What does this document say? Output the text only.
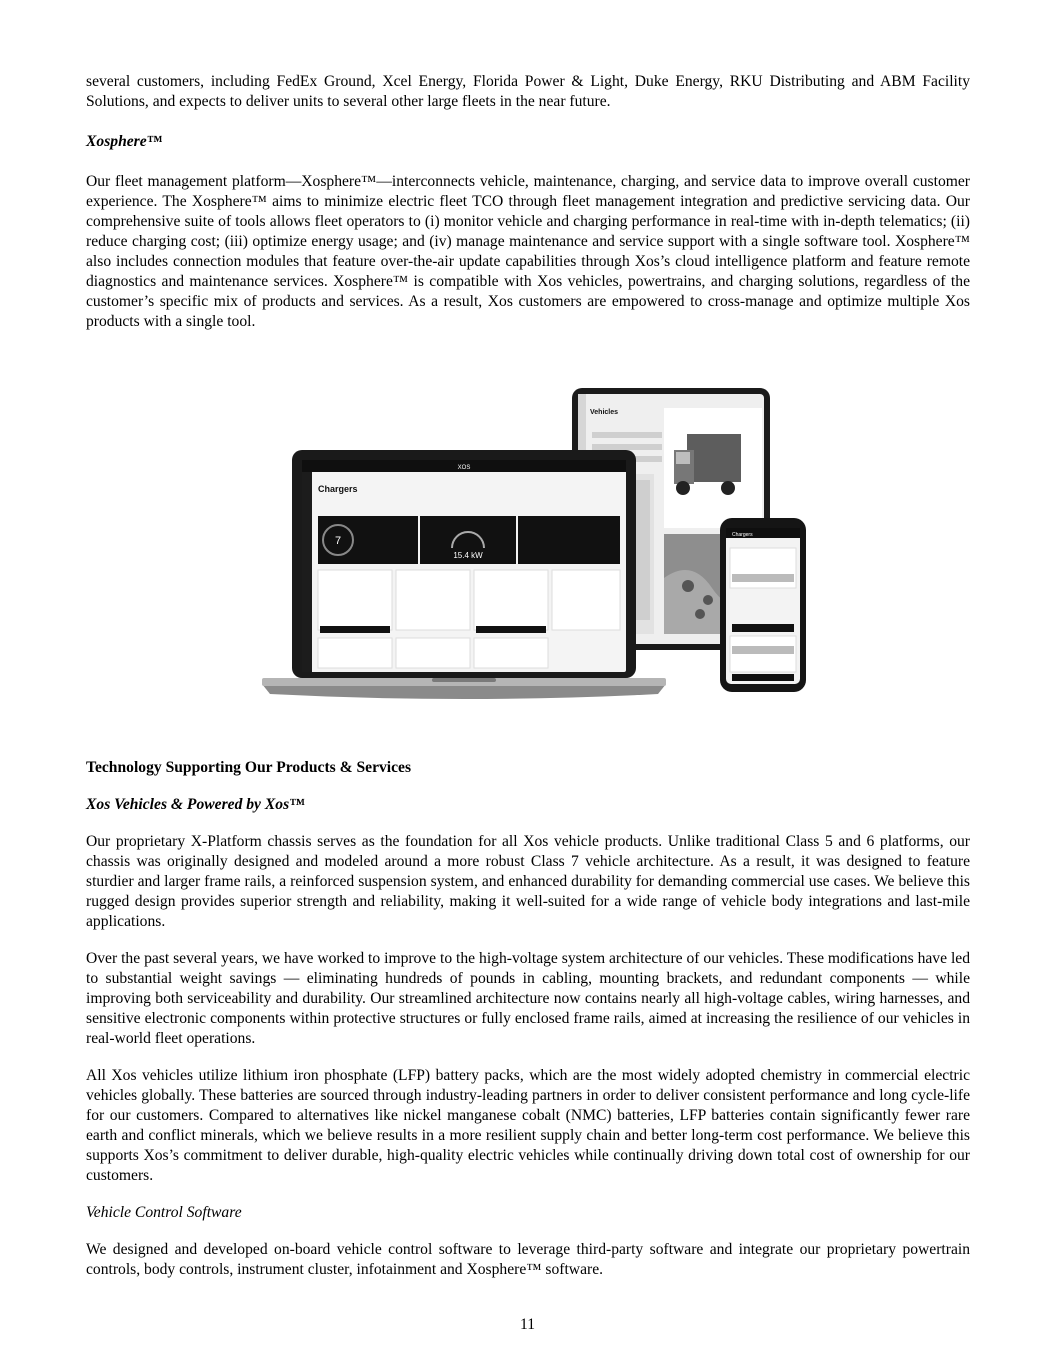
several customers, including FedEx Ground, Xcel Energy, Florida Power & Light, Duke Energy, RKU Distributing and ABM Facility Solutions, and expects to deliver units to several other large fleets in the near future.

Xosphere™

Our fleet management platform—Xosphere™—interconnects vehicle, maintenance, charging, and service data to improve overall customer experience. The Xosphere™ aims to minimize electric fleet TCO through fleet management integration and predictive servicing data. Our comprehensive suite of tools allows fleet operators to (i) monitor vehicle and charging performance in real-time with in-depth telematics; (ii) reduce charging cost; (iii) optimize energy usage; and (iv) manage maintenance and service support with a single software tool. Xosphere™ also includes connection modules that feature over-the-air update capabilities through Xos’s cloud intelligence platform and feature remote diagnostics and maintenance services. Xosphere™ is compatible with Xos vehicles, powertrains, and charging solutions, regardless of the customer’s specific mix of products and services. As a result, Xos customers are empowered to cross-manage and optimize multiple Xos products with a single tool.

Vehicles
XOS
Chargers
7
15.4 kW
Chargers
Technology Supporting Our Products & Services
Xos Vehicles & Powered by Xos™

Our proprietary X-Platform chassis serves as the foundation for all Xos vehicle products. Unlike traditional Class 5 and 6 platforms, our chassis was originally designed and modeled around a more robust Class 7 vehicle architecture. As a result, it was designed to feature sturdier and larger frame rails, a reinforced suspension system, and enhanced durability for demanding commercial use cases. We believe this rugged design provides superior strength and reliability, making it well-suited for a wide range of vehicle body integrations and last-mile applications.

Over the past several years, we have worked to improve to the high-voltage system architecture of our vehicles. These modifications have led to substantial weight savings — eliminating hundreds of pounds in cabling, mounting brackets, and redundant components — while improving both serviceability and durability. Our streamlined architecture now contains nearly all high-voltage cables, wiring harnesses, and sensitive electronic components within protective structures or fully enclosed frame rails, aimed at increasing the resilience of our vehicles in real-world fleet operations.

All Xos vehicles utilize lithium iron phosphate (LFP) battery packs, which are the most widely adopted chemistry in commercial electric vehicles globally. These batteries are sourced through industry-leading partners in order to deliver consistent performance and long cycle-life for our customers. Compared to alternatives like nickel manganese cobalt (NMC) batteries, LFP batteries contain significantly fewer rare earth and conflict minerals, which we believe results in a more resilient supply chain and better long-term cost performance. We believe this supports Xos’s commitment to deliver durable, high-quality electric vehicles while continually driving down total cost of ownership for our customers.

Vehicle Control Software

We designed and developed on-board vehicle control software to leverage third-party software and integrate our proprietary powertrain controls, body controls, instrument cluster, infotainment and Xosphere™ software.

11
